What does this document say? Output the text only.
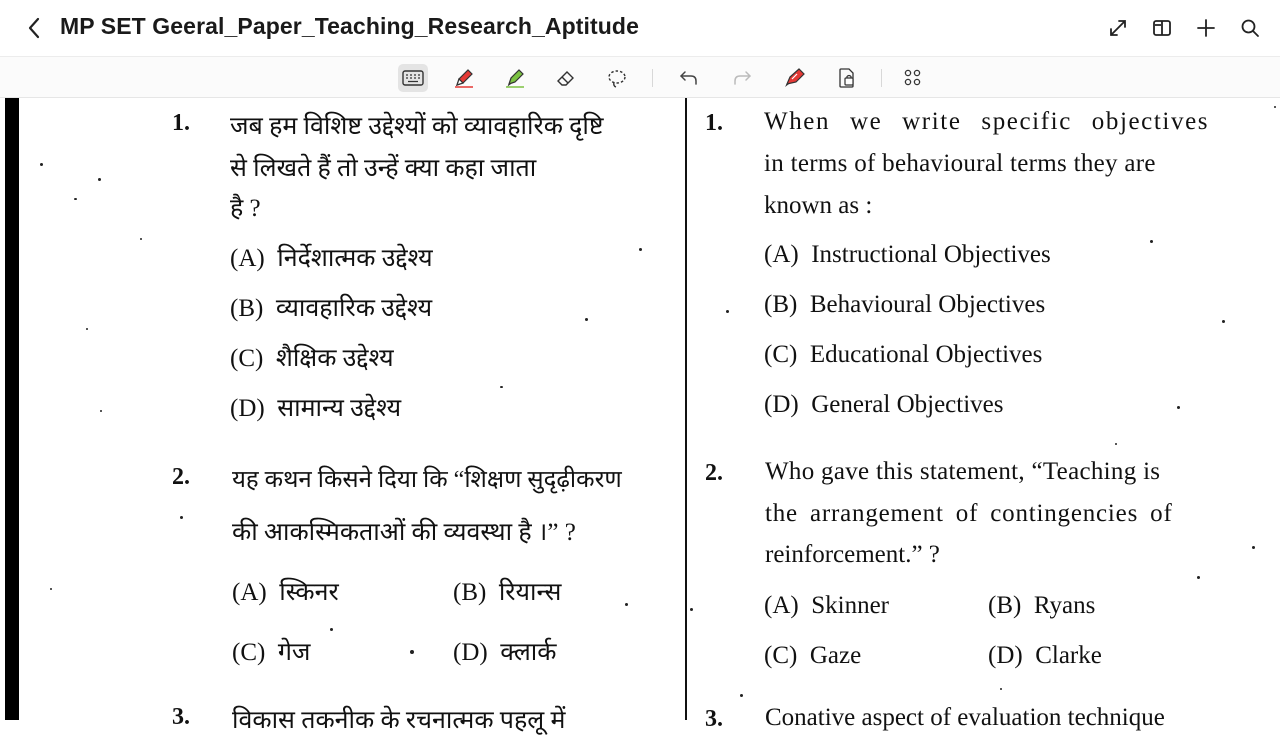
MP SET Geeral_Paper_Teaching_Research_Aptitude
1. जब हम विशिष्ट उद्देश्यों को व्यावहारिक दृष्टि
से लिखते हैं तो उन्हें क्या कहा जाता
है ?
(A) निर्देशात्मक उद्देश्य
(B) व्यावहारिक उद्देश्य
(C) शैक्षिक उद्देश्य
(D) सामान्य उद्देश्य
2. यह कथन किसने दिया कि “शिक्षण सुदृढ़ीकरण
की आकस्मिकताओं की व्यवस्था है ।” ?
(A) स्किनर	(B) रियान्स
(C) गेज	(D) क्लार्क
3. विकास तकनीक के रचनात्मक पहलू में
1. When we write specific objectives
in terms of behavioural terms they are
known as :
(A) Instructional Objectives
(B) Behavioural Objectives
(C) Educational Objectives
(D) General Objectives
2. Who gave this statement, “Teaching is
the arrangement of contingencies of
reinforcement.” ?
(A) Skinner	(B) Ryans
(C) Gaze	(D) Clarke
3. Conative aspect of evaluation technique
